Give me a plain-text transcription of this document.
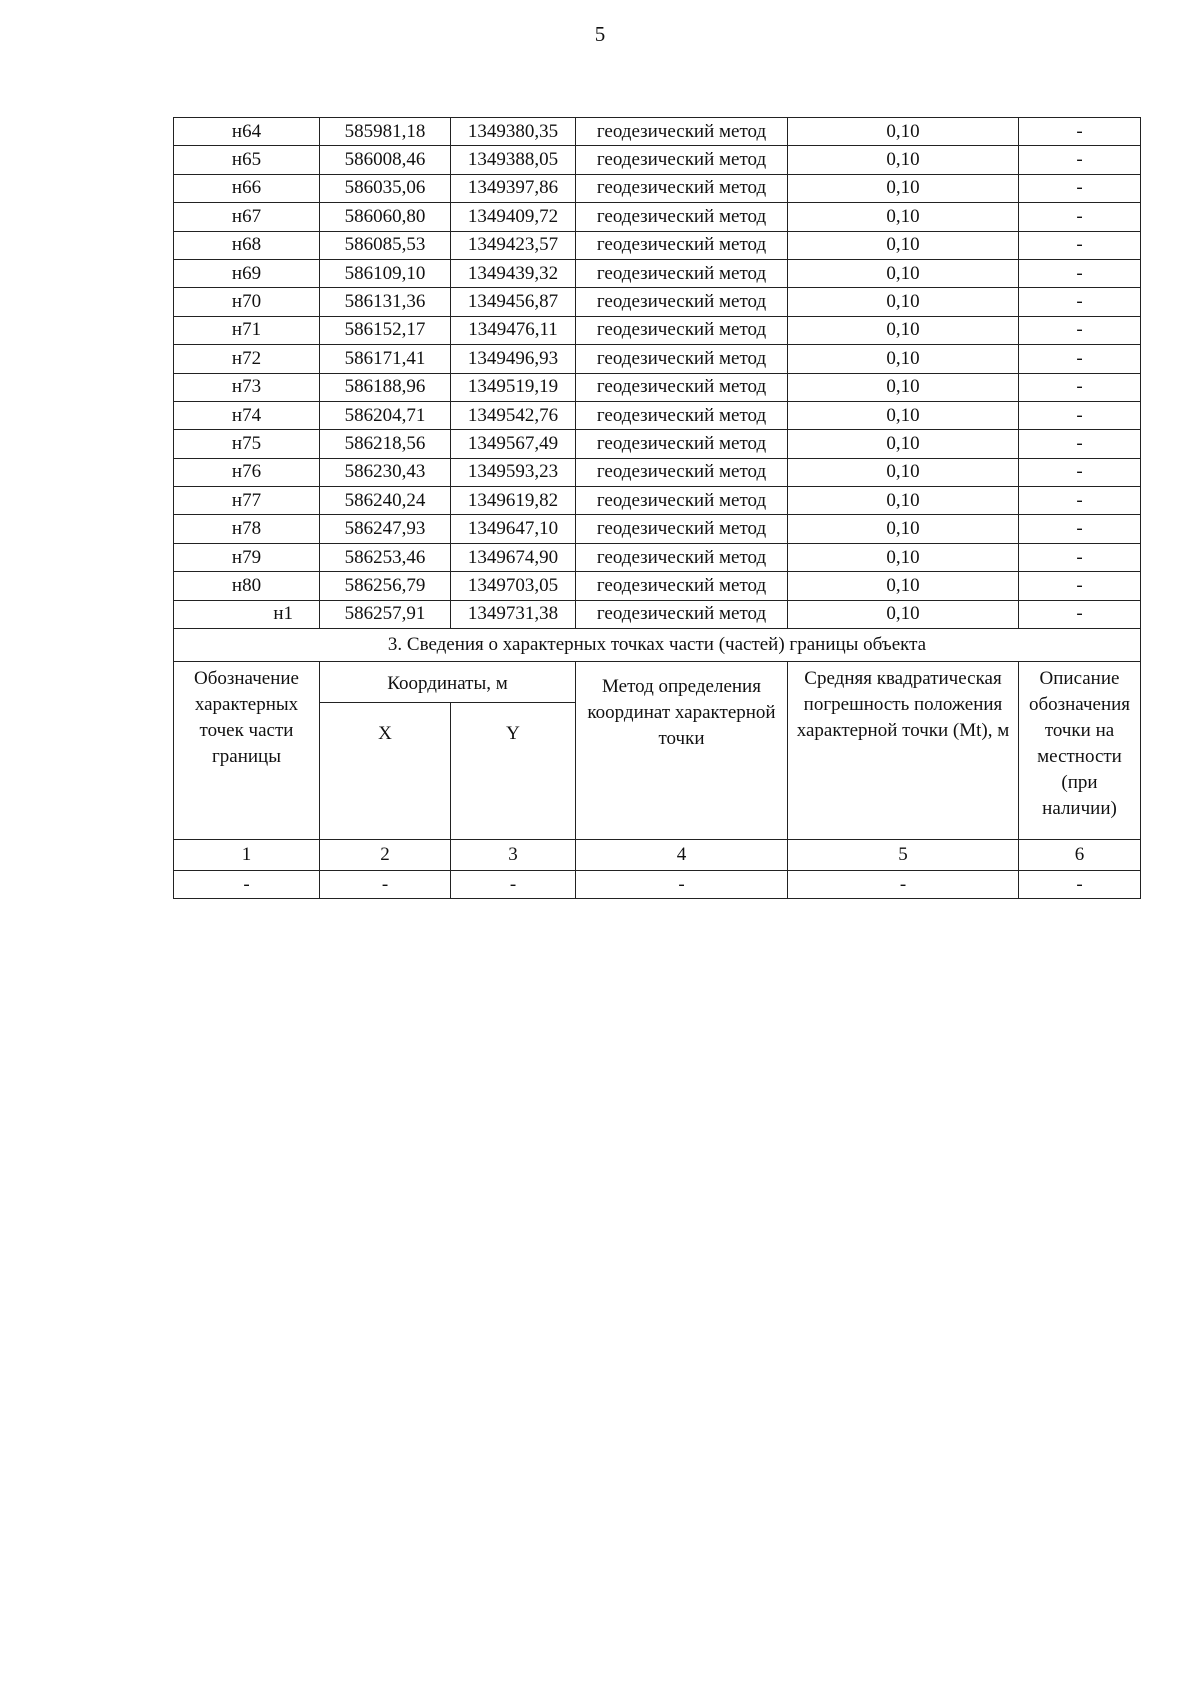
5
н64	585981,18	1349380,35	геодезический метод	0,10	-
н65	586008,46	1349388,05	геодезический метод	0,10	-
н66	586035,06	1349397,86	геодезический метод	0,10	-
н67	586060,80	1349409,72	геодезический метод	0,10	-
н68	586085,53	1349423,57	геодезический метод	0,10	-
н69	586109,10	1349439,32	геодезический метод	0,10	-
н70	586131,36	1349456,87	геодезический метод	0,10	-
н71	586152,17	1349476,11	геодезический метод	0,10	-
н72	586171,41	1349496,93	геодезический метод	0,10	-
н73	586188,96	1349519,19	геодезический метод	0,10	-
н74	586204,71	1349542,76	геодезический метод	0,10	-
н75	586218,56	1349567,49	геодезический метод	0,10	-
н76	586230,43	1349593,23	геодезический метод	0,10	-
н77	586240,24	1349619,82	геодезический метод	0,10	-
н78	586247,93	1349647,10	геодезический метод	0,10	-
н79	586253,46	1349674,90	геодезический метод	0,10	-
н80	586256,79	1349703,05	геодезический метод	0,10	-
н1	586257,91	1349731,38	геодезический метод	0,10	-
3. Сведения о характерных точках части (частей) границы объекта					
Обозначение характерных точек части границы	Координаты, м		Метод определения координат характерной точки	Средняя квадратическая погрешность положения характерной точки (Mt), м	Описание обозначения точки на местности (при наличии)
	X	Y			
1	2	3	4	5	6
-	-	-	-	-	-
